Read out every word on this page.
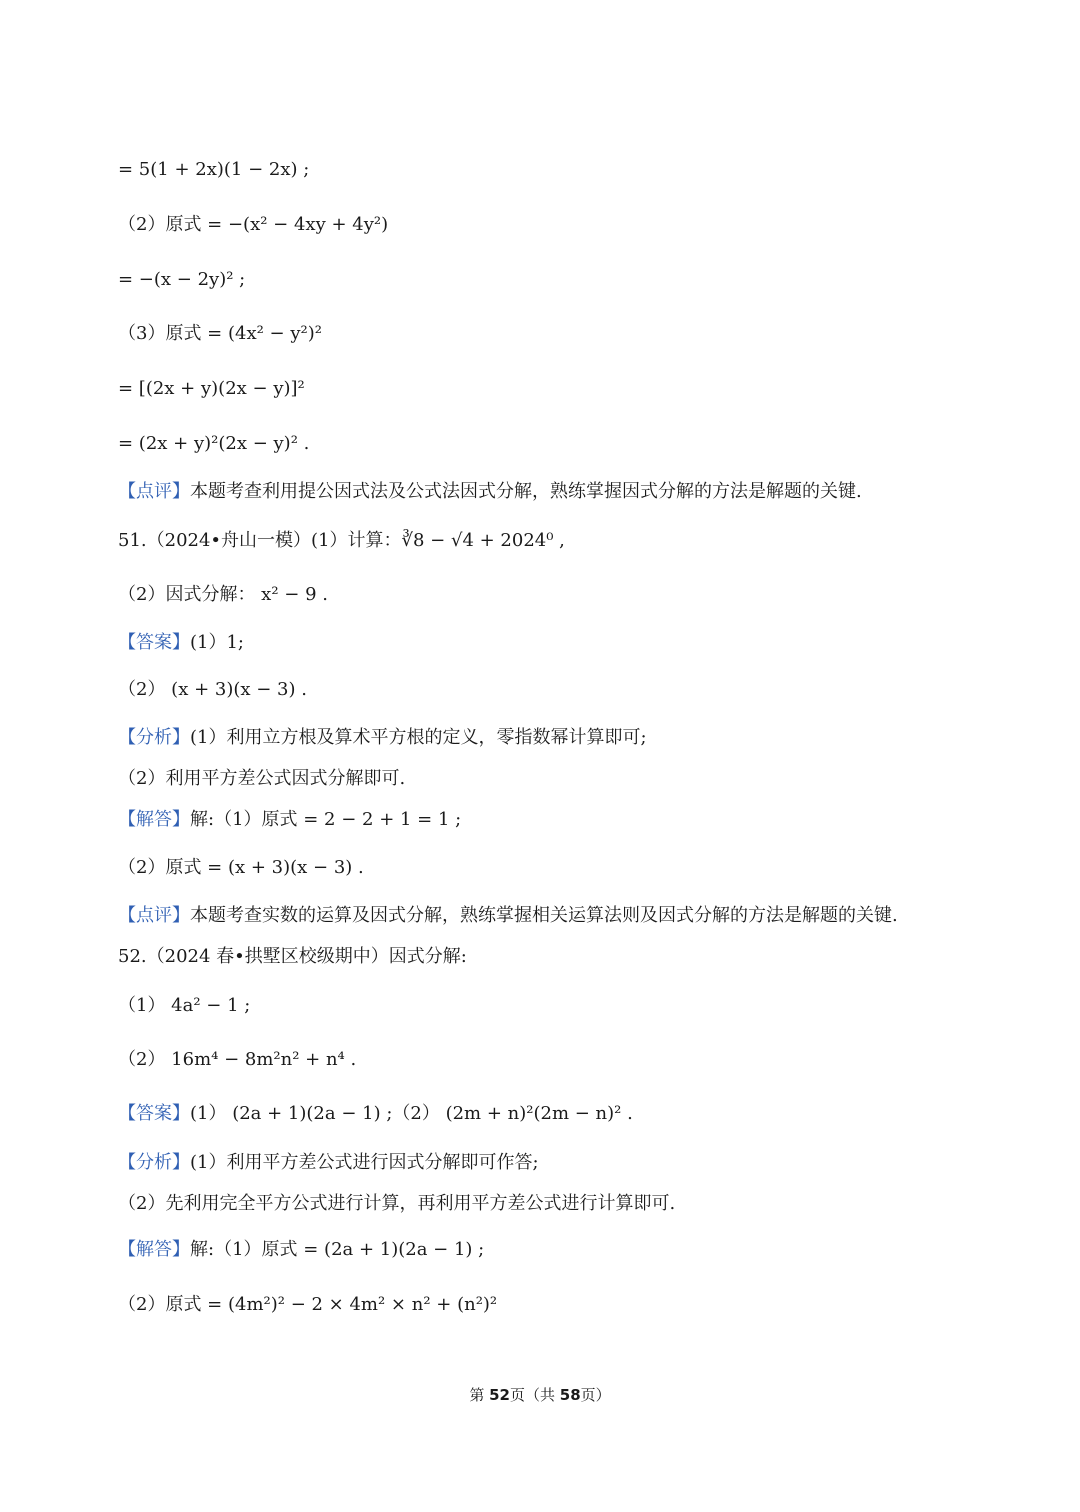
= 5(1 + 2x)(1 − 2x) ;
（2）原式 = −(x² − 4xy + 4y²)
= −(x − 2y)² ;
（3）原式 = (4x² − y²)²
= [(2x + y)(2x − y)]²
= (2x + y)²(2x − y)² .
【点评】本题考查利用提公因式法及公式法因式分解，熟练掌握因式分解的方法是解题的关键.
51.（2024•舟山一模）(1）计算：∛8 − √4 + 2024⁰ ,
（2）因式分解： x² − 9 .
【答案】(1）1;
（2） (x + 3)(x − 3) .
【分析】(1）利用立方根及算术平方根的定义，零指数幂计算即可;
（2）利用平方差公式因式分解即可.
【解答】解:（1）原式 = 2 − 2 + 1 = 1 ;
（2）原式 = (x + 3)(x − 3) .
【点评】本题考查实数的运算及因式分解，熟练掌握相关运算法则及因式分解的方法是解题的关键.
52.（2024 春•拱墅区校级期中）因式分解:
（1） 4a² − 1 ;
（2） 16m⁴ − 8m²n² + n⁴ .
【答案】(1） (2a + 1)(2a − 1) ;（2） (2m + n)²(2m − n)² .
【分析】(1）利用平方差公式进行因式分解即可作答;
（2）先利用完全平方公式进行计算，再利用平方差公式进行计算即可.
【解答】解:（1）原式 = (2a + 1)(2a − 1) ;
（2）原式 = (4m²)² − 2 × 4m² × n² + (n²)²
第 52页（共 58页）
